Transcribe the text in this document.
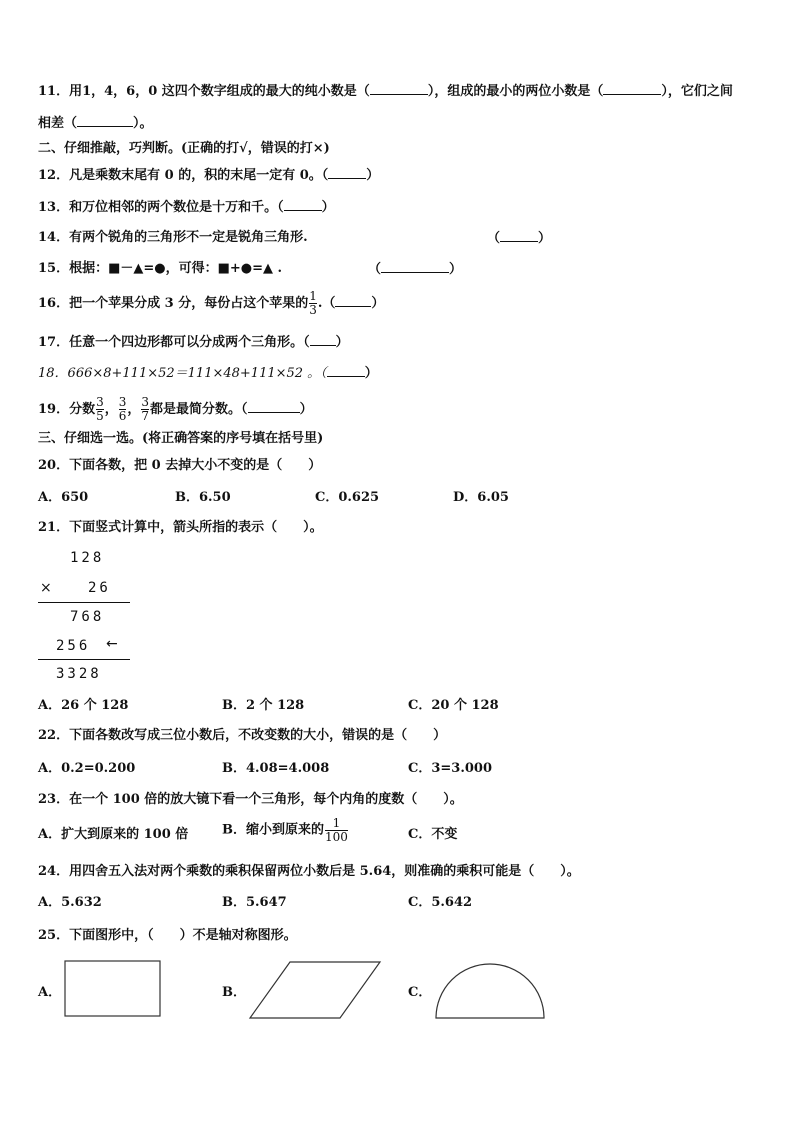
11．用1，4，6，0 这四个数字组成的最大的纯小数是（	），组成的最小的两位小数是（	），它们之间
相差（	）。
二、仔细推敲，巧判断。(正确的打√，错误的打×)
12．凡是乘数末尾有 0 的，积的末尾一定有 0。（	）
13．和万位相邻的两个数位是十万和千。（	）
14．有两个锐角的三角形不一定是锐角三角形.	（	）
15．根据：■－▲=●，可得：■+●=▲ .	（	）
16．把一个苹果分成 3 分，每份占这个苹果的 $\frac{1}{3}$ .（	）
17．任意一个四边形都可以分成两个三角形。（ ）
18．666×8+111×52＝111×48+111×52 。（	）
19．分数 $\frac{3}{5}$ ， $\frac{3}{6}$ ， $\frac{3}{7}$ 都是最简分数。（	）
三、仔细选一选。(将正确答案的序号填在括号里)
20．下面各数，把 0 去掉大小不变的是（　　）
A．650	B．6.50	C．0.625	D．6.05
21．下面竖式计算中，箭头所指的表示（　　）。
128
× 26
768
256 ←
3328
A．26 个 128	B．2 个 128	C．20 个 128
22．下面各数改写成三位小数后，不改变数的大小，错误的是（　　）
A．0.2=0.200	B．4.08=4.008	C．3=3.000
23．在一个 100 倍的放大镜下看一个三角形，每个内角的度数（　　）。
A．扩大到原来的 100 倍	B．缩小到原来的 $\frac{1}{100}$	C．不变
24．用四舍五入法对两个乘数的乘积保留两位小数后是 5.64，则准确的乘积可能是（　　）。
A．5.632	B．5.647	C．5.642
25．下面图形中，（　　）不是轴对称图形。
A．	B．	C．
